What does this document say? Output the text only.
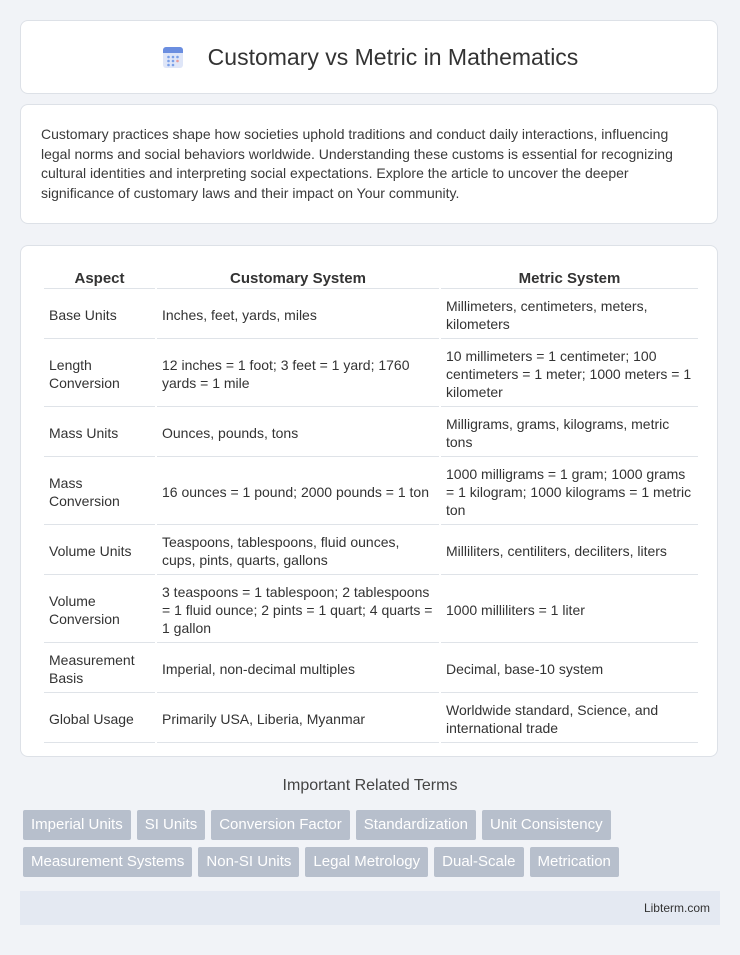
Customary vs Metric in Mathematics

Customary practices shape how societies uphold traditions and conduct daily interactions, influencing legal norms and social behaviors worldwide. Understanding these customs is essential for recognizing cultural identities and interpreting social expectations. Explore the article to uncover the deeper significance of customary laws and their impact on Your community.

Aspect	Customary System	Metric System
Base Units	Inches, feet, yards, miles	Millimeters, centimeters, meters, kilometers
Length Conversion	12 inches = 1 foot; 3 feet = 1 yard; 1760 yards = 1 mile	10 millimeters = 1 centimeter; 100 centimeters = 1 meter; 1000 meters = 1 kilometer
Mass Units	Ounces, pounds, tons	Milligrams, grams, kilograms, metric tons
Mass Conversion	16 ounces = 1 pound; 2000 pounds = 1 ton	1000 milligrams = 1 gram; 1000 grams = 1 kilogram; 1000 kilograms = 1 metric ton
Volume Units	Teaspoons, tablespoons, fluid ounces, cups, pints, quarts, gallons	Milliliters, centiliters, deciliters, liters
Volume Conversion	3 teaspoons = 1 tablespoon; 2 tablespoons = 1 fluid ounce; 2 pints = 1 quart; 4 quarts = 1 gallon	1000 milliliters = 1 liter
Measurement Basis	Imperial, non-decimal multiples	Decimal, base-10 system
Global Usage	Primarily USA, Liberia, Myanmar	Worldwide standard, Science, and international trade
Important Related Terms
Imperial Units	SI Units	Conversion Factor	Standardization	Unit Consistency
Measurement Systems	Non-SI Units	Legal Metrology	Dual-Scale	Metrication
Libterm.com
